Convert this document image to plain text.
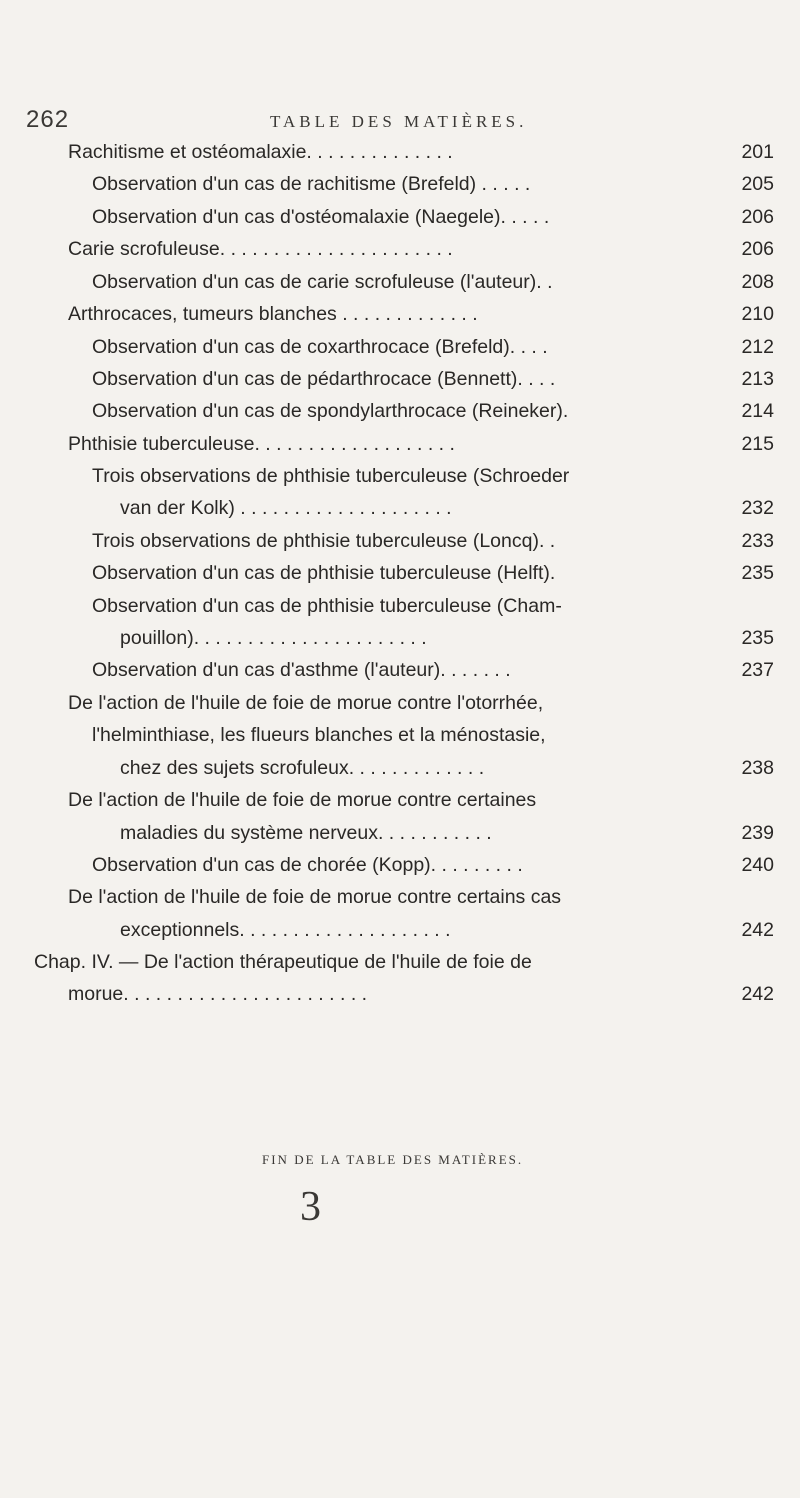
262	TABLE DES MATIÈRES.
Rachitisme et ostéomalaxie. . . . . . . . . . . . . .	201
Observation d'un cas de rachitisme (Brefeld) . . . . .	205
Observation d'un cas d'ostéomalaxie (Naegele). . . . .	206
Carie scrofuleuse. . . . . . . . . . . . . . . . . . . . . .	206
Observation d'un cas de carie scrofuleuse (l'auteur). .	208
Arthrocaces, tumeurs blanches . . . . . . . . . . . . .	210
Observation d'un cas de coxarthrocace (Brefeld). . . .	212
Observation d'un cas de pédarthrocace (Bennett). . . .	213
Observation d'un cas de spondylarthrocace (Reineker).	214
Phthisie tuberculeuse. . . . . . . . . . . . . . . . . . .	215
Trois observations de phthisie tuberculeuse (Schroeder
van der Kolk) . . . . . . . . . . . . . . . . . . . .	232
Trois observations de phthisie tuberculeuse (Loncq). .	233
Observation d'un cas de phthisie tuberculeuse (Helft).	235
Observation d'un cas de phthisie tuberculeuse (Cham-
pouillon). . . . . . . . . . . . . . . . . . . . . .	235
Observation d'un cas d'asthme (l'auteur). . . . . . .	237
De l'action de l'huile de foie de morue contre l'otorrhée,
l'helminthiase, les flueurs blanches et la ménostasie,
chez des sujets scrofuleux. . . . . . . . . . . . .	238
De l'action de l'huile de foie de morue contre certaines
maladies du système nerveux. . . . . . . . . . .	239
Observation d'un cas de chorée (Kopp). . . . . . . . .	240
De l'action de l'huile de foie de morue contre certains cas
exceptionnels. . . . . . . . . . . . . . . . . . . .	242
Chap. IV. — De l'action thérapeutique de l'huile de foie de
morue. . . . . . . . . . . . . . . . . . . . . . .	242
FIN DE LA TABLE DES MATIÈRES.
3
